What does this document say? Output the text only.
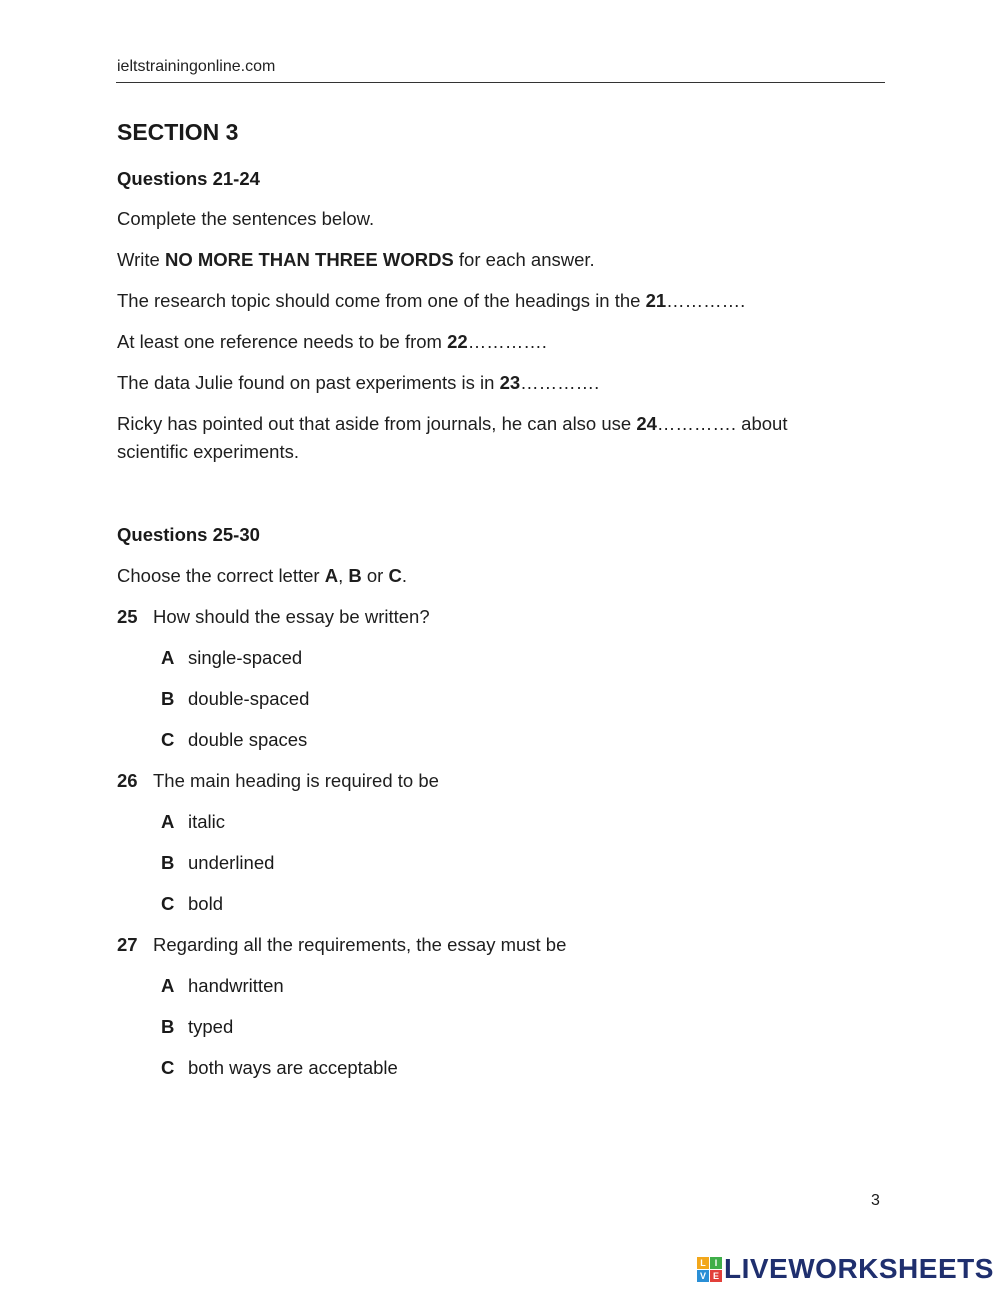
ieltstrainingonline.com
SECTION 3
Questions 21-24
Complete the sentences below.
Write NO MORE THAN THREE WORDS for each answer.
The research topic should come from one of the headings in the 21………….
At least one reference needs to be from 22………….
The data Julie found on past experiments is in 23………….
Ricky has pointed out that aside from journals, he can also use 24…………. about
scientific experiments.
Questions 25-30
Choose the correct letter A, B or C.
25 How should the essay be written?
A single-spaced
B double-spaced
C double spaces
26 The main heading is required to be
A italic
B underlined
C bold
27 Regarding all the requirements, the essay must be
A handwritten
B typed
C both ways are acceptable
3
L I
V E LIVEWORKSHEETS
